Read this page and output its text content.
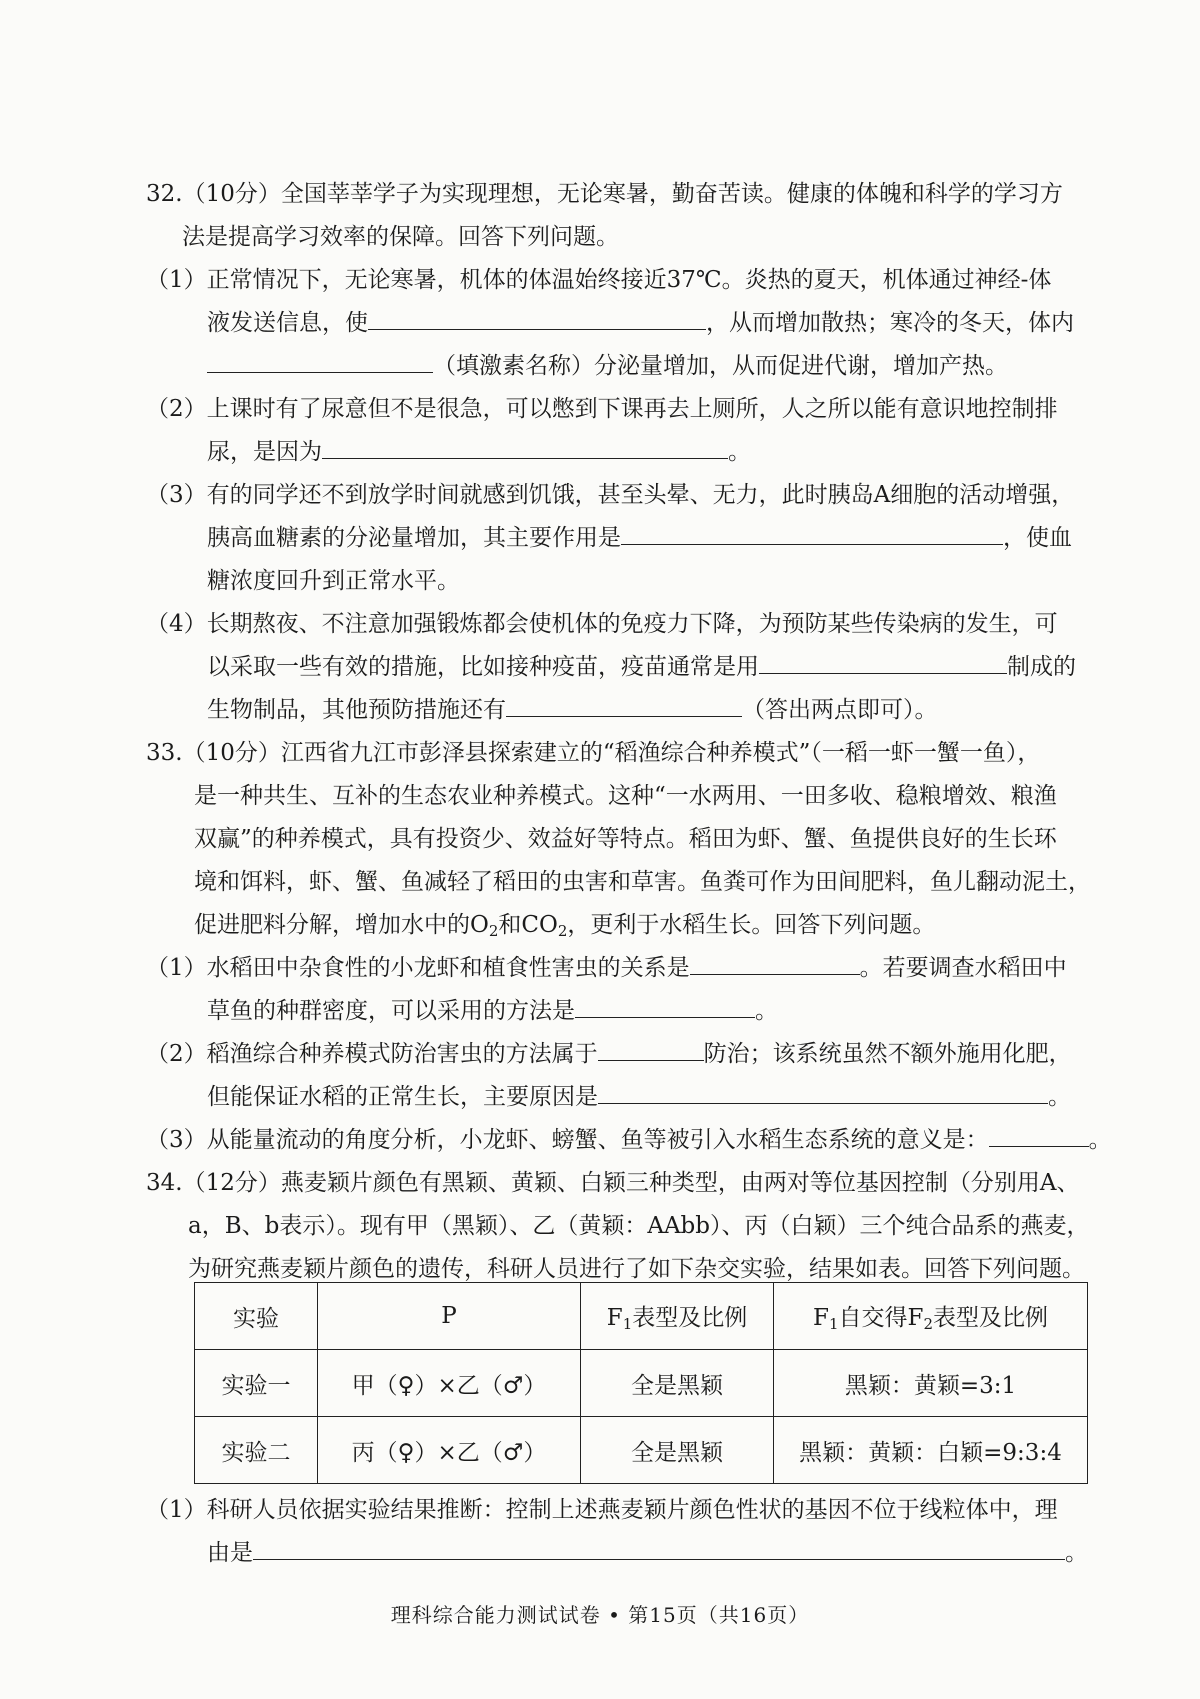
32.（10分）全国莘莘学子为实现理想，无论寒暑，勤奋苦读。健康的体魄和科学的学习方
法是提高学习效率的保障。回答下列问题。
（1）正常情况下，无论寒暑，机体的体温始终接近37℃。炎热的夏天，机体通过神经-体
液发送信息，使	，从而增加散热；寒冷的冬天，体内
（填激素名称）分泌量增加，从而促进代谢，增加产热。
（2）上课时有了尿意但不是很急，可以憋到下课再去上厕所，人之所以能有意识地控制排
尿，是因为	。
（3）有的同学还不到放学时间就感到饥饿，甚至头晕、无力，此时胰岛A细胞的活动增强，
胰高血糖素的分泌量增加，其主要作用是	，使血
糖浓度回升到正常水平。
（4）长期熬夜、不注意加强锻炼都会使机体的免疫力下降，为预防某些传染病的发生，可
以采取一些有效的措施，比如接种疫苗，疫苗通常是用	制成的
生物制品，其他预防措施还有	（答出两点即可）。
33.（10分）江西省九江市彭泽县探索建立的“稻渔综合种养模式”（一稻一虾一蟹一鱼），
是一种共生、互补的生态农业种养模式。这种“一水两用、一田多收、稳粮增效、粮渔
双赢”的种养模式，具有投资少、效益好等特点。稻田为虾、蟹、鱼提供良好的生长环
境和饵料，虾、蟹、鱼减轻了稻田的虫害和草害。鱼粪可作为田间肥料，鱼儿翻动泥土，
促进肥料分解，增加水中的$O_2$和$CO_2$，更利于水稻生长。回答下列问题。
（1）水稻田中杂食性的小龙虾和植食性害虫的关系是	。若要调查水稻田中
草鱼的种群密度，可以采用的方法是	。
（2）稻渔综合种养模式防治害虫的方法属于	防治；该系统虽然不额外施用化肥，
但能保证水稻的正常生长，主要原因是	。
（3）从能量流动的角度分析，小龙虾、螃蟹、鱼等被引入水稻生态系统的意义是：	。
34.（12分）燕麦颖片颜色有黑颖、黄颖、白颖三种类型，由两对等位基因控制（分别用A、
a，B、b表示）。现有甲（黑颖）、乙（黄颖：AAbb）、丙（白颖）三个纯合品系的燕麦，
为研究燕麦颖片颜色的遗传，科研人员进行了如下杂交实验，结果如表。回答下列问题。
实验	P	$F_1$表型及比例	$F_1$自交得$F_2$表型及比例
实验一	甲（♀）×乙（♂）	全是黑颖	黑颖：黄颖=3:1
实验二	丙（♀）×乙（♂）	全是黑颖	黑颖：黄颖：白颖=9:3:4
（1）科研人员依据实验结果推断：控制上述燕麦颖片颜色性状的基因不位于线粒体中，理
由是	。
理科综合能力测试试卷 • 第15页（共16页）
